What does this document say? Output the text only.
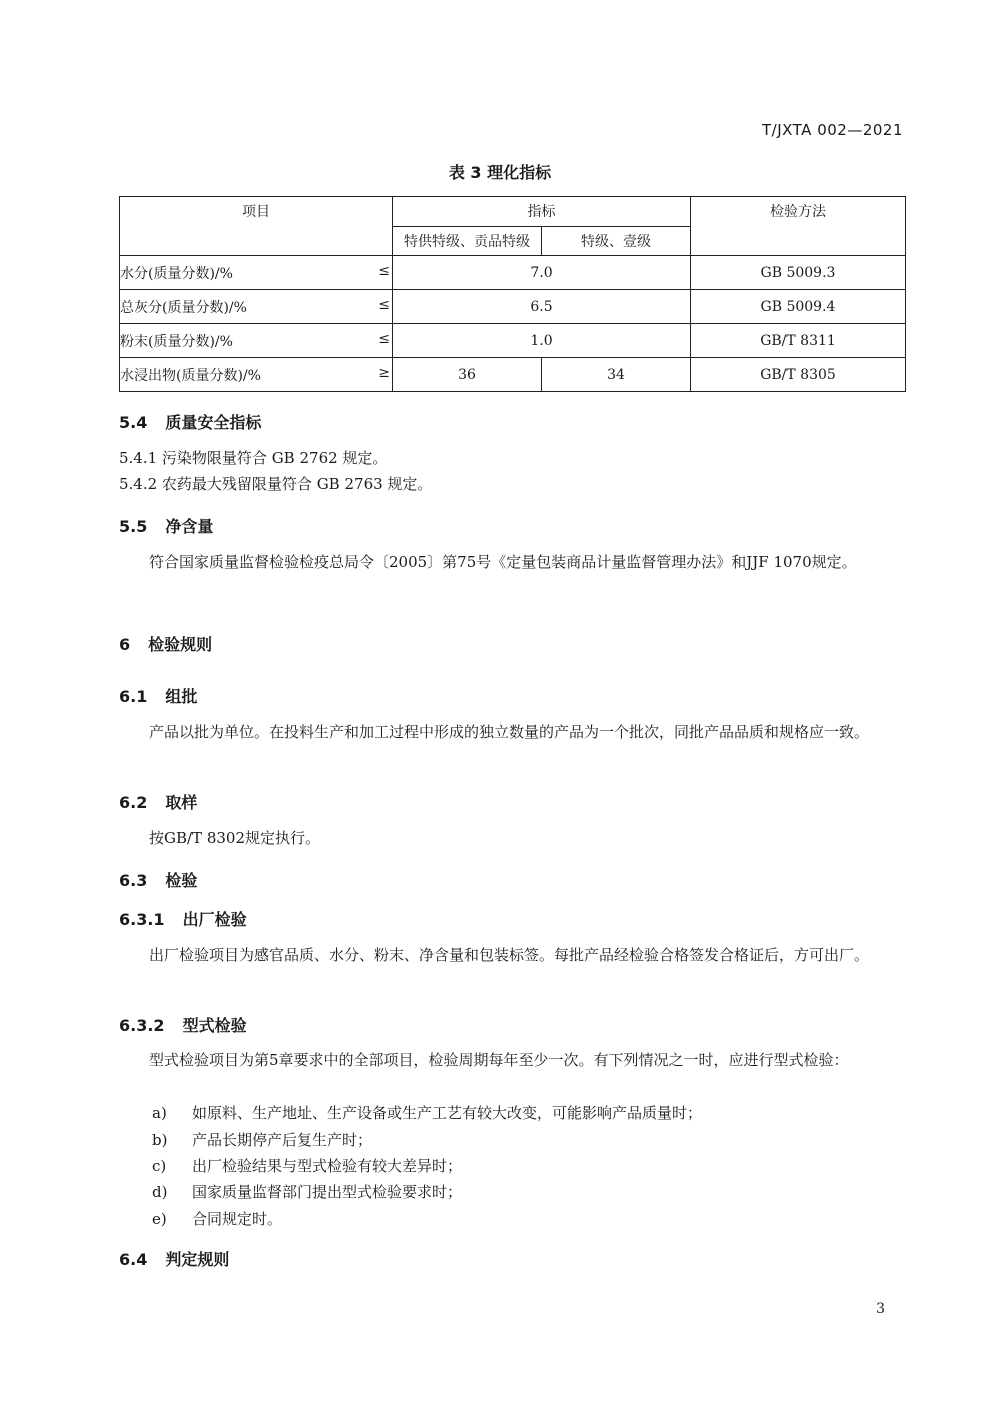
T/JXTA 002—2021
表 3 理化指标
项目	指标		检验方法
	特供特级、贡品特级	特级、壹级	

水分(质量分数)/% ≤	7.0		GB 5009.3

总灰分(质量分数)/% ≤	6.5		GB 5009.4

粉末(质量分数)/% ≤	1.0		GB/T 8311

水浸出物(质量分数)/% ≥	36	34	GB/T 8305
5.4 质量安全指标
5.4.1 污染物限量符合 GB 2762 规定。
5.4.2 农药最大残留限量符合 GB 2763 规定。
5.5 净含量
符合国家质量监督检验检疫总局令〔2005〕第75号《定量包装商品计量监督管理办法》和JJF 1070规定。
6 检验规则
6.1 组批
产品以批为单位。在投料生产和加工过程中形成的独立数量的产品为一个批次，同批产品品质和规格应一致。
6.2 取样
按GB/T 8302规定执行。
6.3 检验
6.3.1 出厂检验
出厂检验项目为感官品质、水分、粉末、净含量和包装标签。每批产品经检验合格签发合格证后，方可出厂。
6.3.2 型式检验
型式检验项目为第5章要求中的全部项目，检验周期每年至少一次。有下列情况之一时，应进行型式检验：
a) 如原料、生产地址、生产设备或生产工艺有较大改变，可能影响产品质量时；
b) 产品长期停产后复生产时；
c) 出厂检验结果与型式检验有较大差异时；
d) 国家质量监督部门提出型式检验要求时；
e) 合同规定时。
6.4 判定规则
3
